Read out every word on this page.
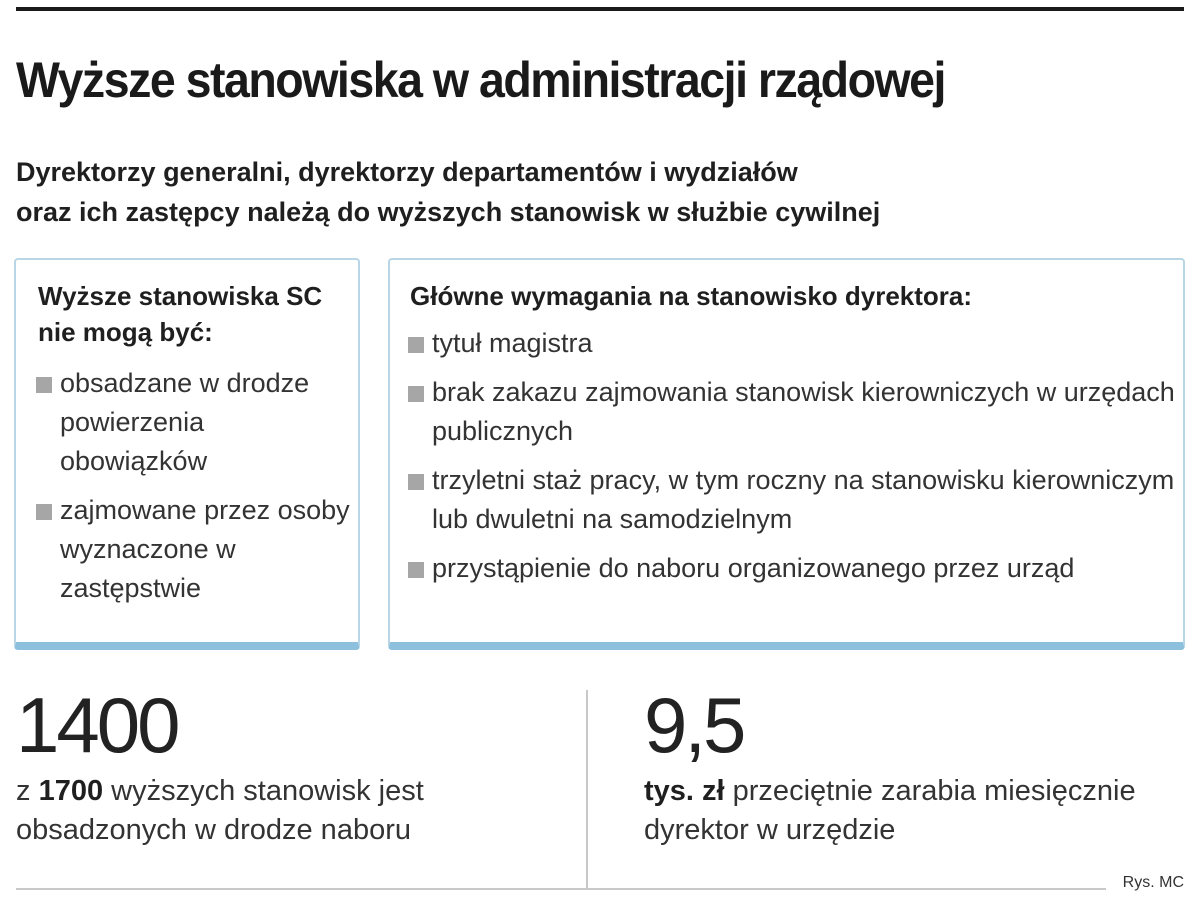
Wyższe stanowiska w administracji rządowej
Dyrektorzy generalni, dyrektorzy departamentów i wydziałów
oraz ich zastępcy należą do wyższych stanowisk w służbie cywilnej
Wyższe stanowiska SC nie mogą być:
obsadzane w drodze powierzenia obowiązków
zajmowane przez osoby wyznaczone w zastępstwie
Główne wymagania na stanowisko dyrektora:
tytuł magistra
brak zakazu zajmowania stanowisk kierowniczych w urzędach publicznych
trzyletni staż pracy, w tym roczny na stanowisku kierowniczym lub dwuletni na samodzielnym
przystąpienie do naboru organizowanego przez urząd
1400
z 1700 wyższych stanowisk jest obsadzonych w drodze naboru
9,5
tys. zł przeciętnie zarabia miesięcznie dyrektor w urzędzie
Rys. MC
